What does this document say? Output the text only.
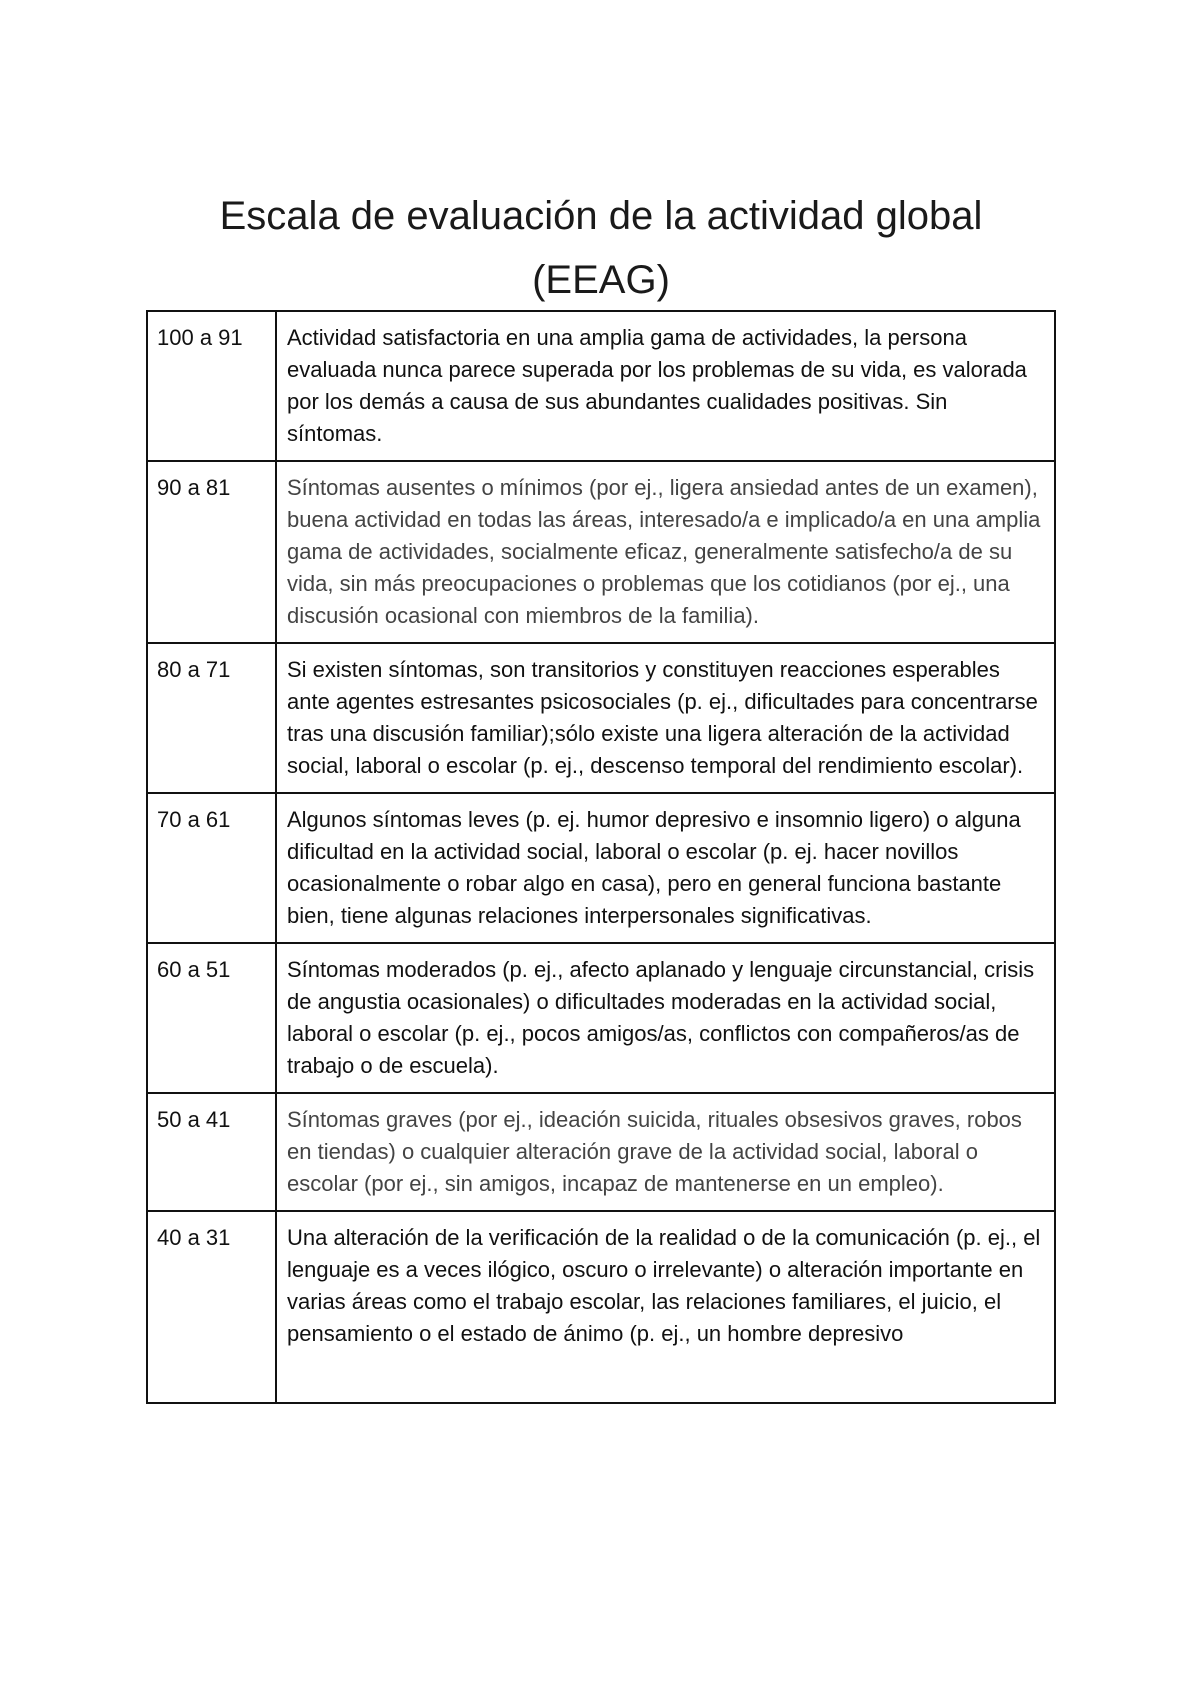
Escala de evaluación de la actividad global (EEAG)
100 a 91	Actividad satisfactoria en una amplia gama de actividades, la persona evaluada nunca parece superada por los problemas de su vida, es valorada por los demás a causa de sus abundantes cualidades positivas. Sin síntomas.
90 a 81	Síntomas ausentes o mínimos (por ej., ligera ansiedad antes de un examen), buena actividad en todas las áreas, interesado/a e implicado/a en una amplia gama de actividades, socialmente eficaz, generalmente satisfecho/a de su vida, sin más preocupaciones o problemas que los cotidianos (por ej., una discusión ocasional con miembros de la familia).
80 a 71	Si existen síntomas, son transitorios y constituyen reacciones esperables ante agentes estresantes psicosociales (p. ej., dificultades para concentrarse tras una discusión familiar);sólo existe una ligera alteración de la actividad social, laboral o escolar (p. ej., descenso temporal del rendimiento escolar).
70 a 61	Algunos síntomas leves (p. ej. humor depresivo e insomnio ligero) o alguna dificultad en la actividad social, laboral o escolar (p. ej. hacer novillos ocasionalmente o robar algo en casa), pero en general funciona bastante bien, tiene algunas relaciones interpersonales significativas.
60 a 51	Síntomas moderados (p. ej., afecto aplanado y lenguaje circunstancial, crisis de angustia ocasionales) o dificultades moderadas en la actividad social, laboral o escolar (p. ej., pocos amigos/as, conflictos con compañeros/as de trabajo o de escuela).
50 a 41	Síntomas graves (por ej., ideación suicida, rituales obsesivos graves, robos en tiendas) o cualquier alteración grave de la actividad social, laboral o escolar (por ej., sin amigos, incapaz de mantenerse en un empleo).
40 a 31	Una alteración de la verificación de la realidad o de la comunicación (p. ej., el lenguaje es a veces ilógico, oscuro o irrelevante) o alteración importante en varias áreas como el trabajo escolar, las relaciones familiares, el juicio, el pensamiento o el estado de ánimo (p. ej., un hombre depresivo
